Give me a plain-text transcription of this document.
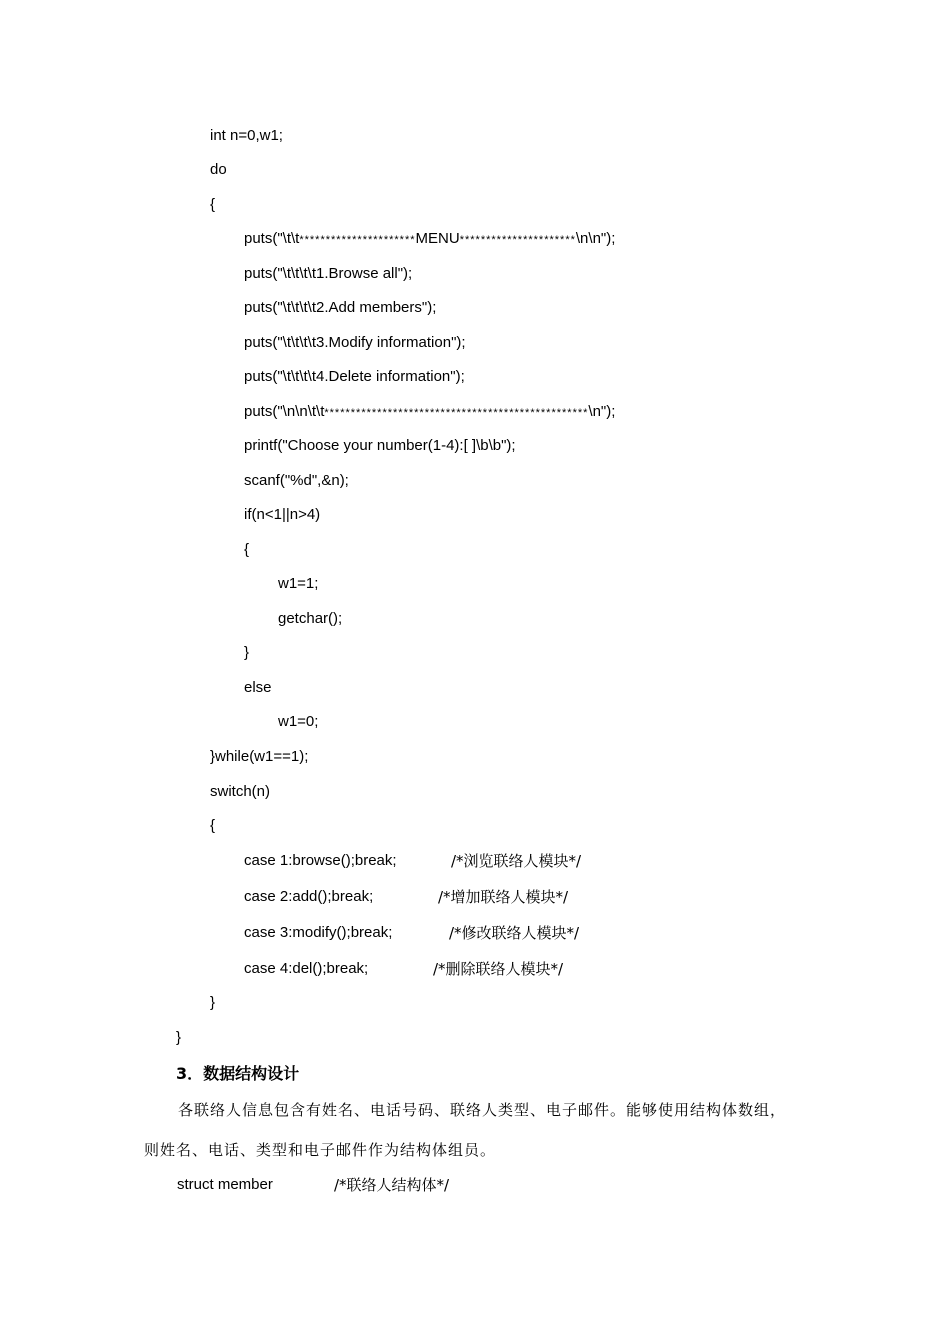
int n=0,w1;
do
{
puts("\t\t**********************MENU**********************\n\n");
puts("\t\t\t\t1.Browse all");
puts("\t\t\t\t2.Add members");
puts("\t\t\t\t3.Modify information");
puts("\t\t\t\t4.Delete information");
puts("\n\n\t\t**************************************************\n");
printf("Choose your number(1-4):[ ]\b\b");
scanf("%d",&n);
if(n<1||n>4)
{
w1=1;
getchar();
}
else
w1=0;
}while(w1==1);
switch(n)
{
case 1:browse();break;	/*浏览联络人模块*/
case 2:add();break;	/*增加联络人模块*/
case 3:modify();break;	/*修改联络人模块*/
case 4:del();break;	/*删除联络人模块*/
}
}
3．数据结构设计
各联络人信息包含有姓名、电话号码、联络人类型、电子邮件。能够使用结构体数组，
则姓名、电话、类型和电子邮件作为结构体组员。
struct member	/*联络人结构体*/
